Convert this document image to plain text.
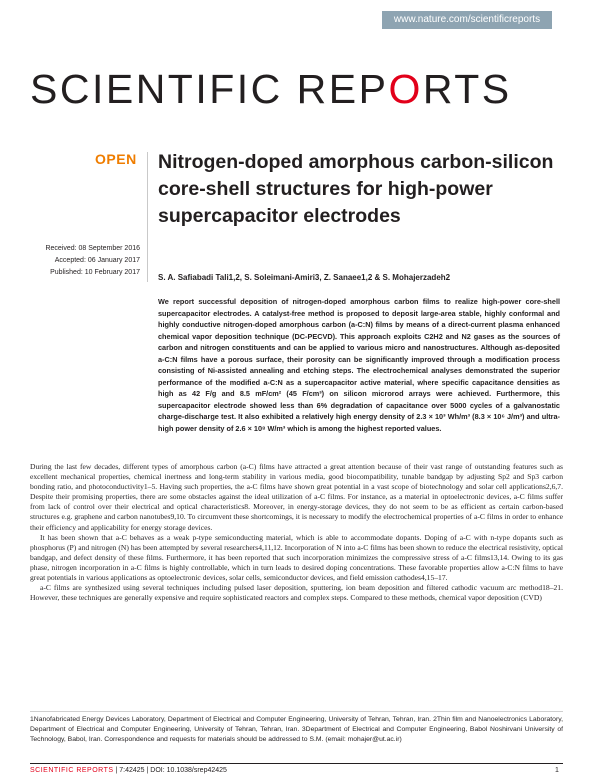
www.nature.com/scientificreports
SCIENTIFIC REPORTS
OPEN Nitrogen-doped amorphous carbon-silicon core-shell structures for high-power supercapacitor electrodes
Received: 08 September 2016
Accepted: 06 January 2017
Published: 10 February 2017
S. A. Safiabadi Tali1,2, S. Soleimani-Amiri3, Z. Sanaee1,2 & S. Mohajerzadeh2
We report successful deposition of nitrogen-doped amorphous carbon films to realize high-power core-shell supercapacitor electrodes. A catalyst-free method is proposed to deposit large-area stable, highly conformal and highly conductive nitrogen-doped amorphous carbon (a-C:N) films by means of a direct-current plasma enhanced chemical vapor deposition technique (DC-PECVD). This approach exploits C2H2 and N2 gases as the sources of carbon and nitrogen constituents and can be applied to various micro and nanostructures. Although as-deposited a-C:N films have a porous surface, their porosity can be significantly improved through a modification process consisting of Ni-assisted annealing and etching steps. The electrochemical analyses demonstrated the superior performance of the modified a-C:N as a supercapacitor active material, where specific capacitance densities as high as 42 F/g and 8.5 mF/cm² (45 F/cm³) on silicon microrod arrays were achieved. Furthermore, this supercapacitor electrode showed less than 6% degradation of capacitance over 5000 cycles of a galvanostatic charge-discharge test. It also exhibited a relatively high energy density of 2.3 × 10³ Wh/m³ (8.3 × 10⁶ J/m³) and ultra-high power density of 2.6 × 10⁸ W/m³ which is among the highest reported values.

During the last few decades, different types of amorphous carbon (a-C) films have attracted a great attention because of their vast range of outstanding features such as excellent mechanical properties, chemical inertness and long-term stability in various media, good biocompatibility, tunable bandgap by adjusting Sp2 and Sp3 carbon bonding ratio, and photoconductivity1–5. Having such properties, the a-C films have shown great potential in a vast scope of biotechnology and solar cell applications2,6,7. Despite their promising properties, there are some obstacles against the ideal utilization of a-C films. For instance, as a material in optoelectronic devices, a-C films suffer from lack of control over their electrical and optical characteristics8. Moreover, in energy-storage devices, they do not seem to be as efficient as certain carbon-based structures e.g. graphene and carbon nanotubes9,10. To circumvent these shortcomings, it is necessary to modify the electrochemical properties of a-C films in order to enhance their efficiency and applicability for energy storage devices.

It has been shown that a-C behaves as a weak p-type semiconducting material, which is able to accommodate dopants. Doping of a-C with n-type dopants such as phosphorus (P) and nitrogen (N) has been attempted by several researchers4,11,12. Incorporation of N into a-C films has been shown to reduce the electrical resistivity, optical bandgap, and defect density of these films. Furthermore, it has been reported that such incorporation minimizes the compressive stress of a-C films13,14. Owing to its gas phase, nitrogen incorporation in a-C films is highly controllable, which in turn leads to desired doping concentrations. These favorable properties allow a-C:N films to have great potentials in various applications as optoelectronic devices, solar cells, semiconductor devices, and field emission cathodes4,15–17.

a-C films are synthesized using several techniques including pulsed laser deposition, sputtering, ion beam deposition and filtered cathodic vacuum arc method18–21. However, these techniques are generally expensive and require sophisticated reactors and complex steps. Compared to these methods, chemical vapor deposition (CVD)

1Nanofabricated Energy Devices Laboratory, Department of Electrical and Computer Engineering, University of Tehran, Tehran, Iran. 2Thin film and Nanoelectronics Laboratory, Department of Electrical and Computer Engineering, University of Tehran, Tehran, Iran. 3Department of Electrical and Computer Engineering, Babol Noshirvani University of Technology, Babol, Iran. Correspondence and requests for materials should be addressed to S.M. (email: mohajer@ut.ac.ir)
SCIENTIFIC REPORTS | 7:42425 | DOI: 10.1038/srep42425	1
